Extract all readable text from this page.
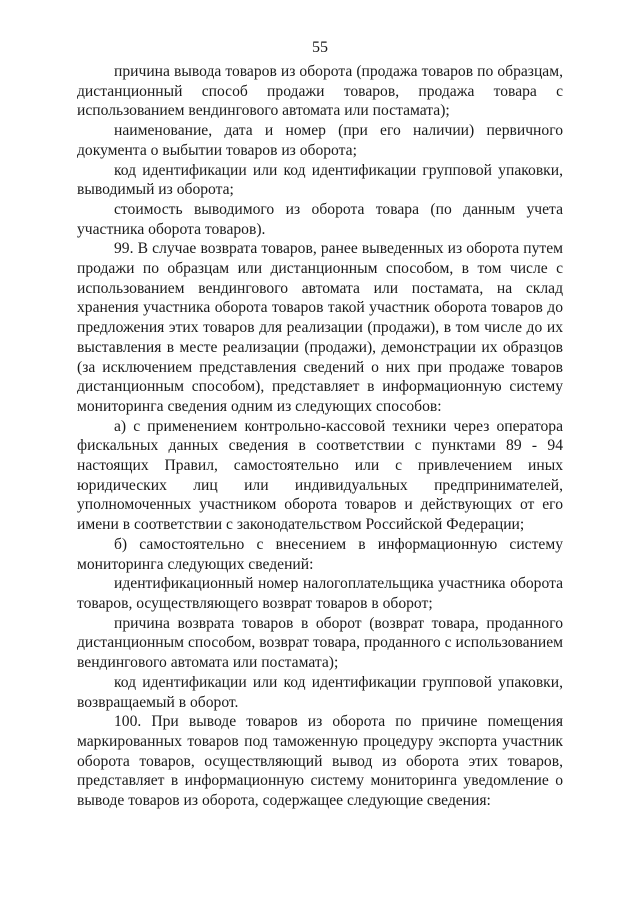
55

причина вывода товаров из оборота (продажа товаров по образцам, дистанционный способ продажи товаров, продажа товара с использованием вендингового автомата или постамата);

наименование, дата и номер (при его наличии) первичного документа о выбытии товаров из оборота;

код идентификации или код идентификации групповой упаковки, выводимый из оборота;

стоимость выводимого из оборота товара (по данным учета участника оборота товаров).

99. В случае возврата товаров, ранее выведенных из оборота путем продажи по образцам или дистанционным способом, в том числе с использованием вендингового автомата или постамата, на склад хранения участника оборота товаров такой участник оборота товаров до предложения этих товаров для реализации (продажи), в том числе до их выставления в месте реализации (продажи), демонстрации их образцов (за исключением представления сведений о них при продаже товаров дистанционным способом), представляет в информационную систему мониторинга сведения одним из следующих способов:

а) с применением контрольно-кассовой техники через оператора фискальных данных сведения в соответствии с пунктами 89 - 94 настоящих Правил, самостоятельно или с привлечением иных юридических лиц или индивидуальных предпринимателей, уполномоченных участником оборота товаров и действующих от его имени в соответствии с законодательством Российской Федерации;

б) самостоятельно с внесением в информационную систему мониторинга следующих сведений:

идентификационный номер налогоплательщика участника оборота товаров, осуществляющего возврат товаров в оборот;

причина возврата товаров в оборот (возврат товара, проданного дистанционным способом, возврат товара, проданного с использованием вендингового автомата или постамата);

код идентификации или код идентификации групповой упаковки, возвращаемый в оборот.

100. При выводе товаров из оборота по причине помещения маркированных товаров под таможенную процедуру экспорта участник оборота товаров, осуществляющий вывод из оборота этих товаров, представляет в информационную систему мониторинга уведомление о выводе товаров из оборота, содержащее следующие сведения:
